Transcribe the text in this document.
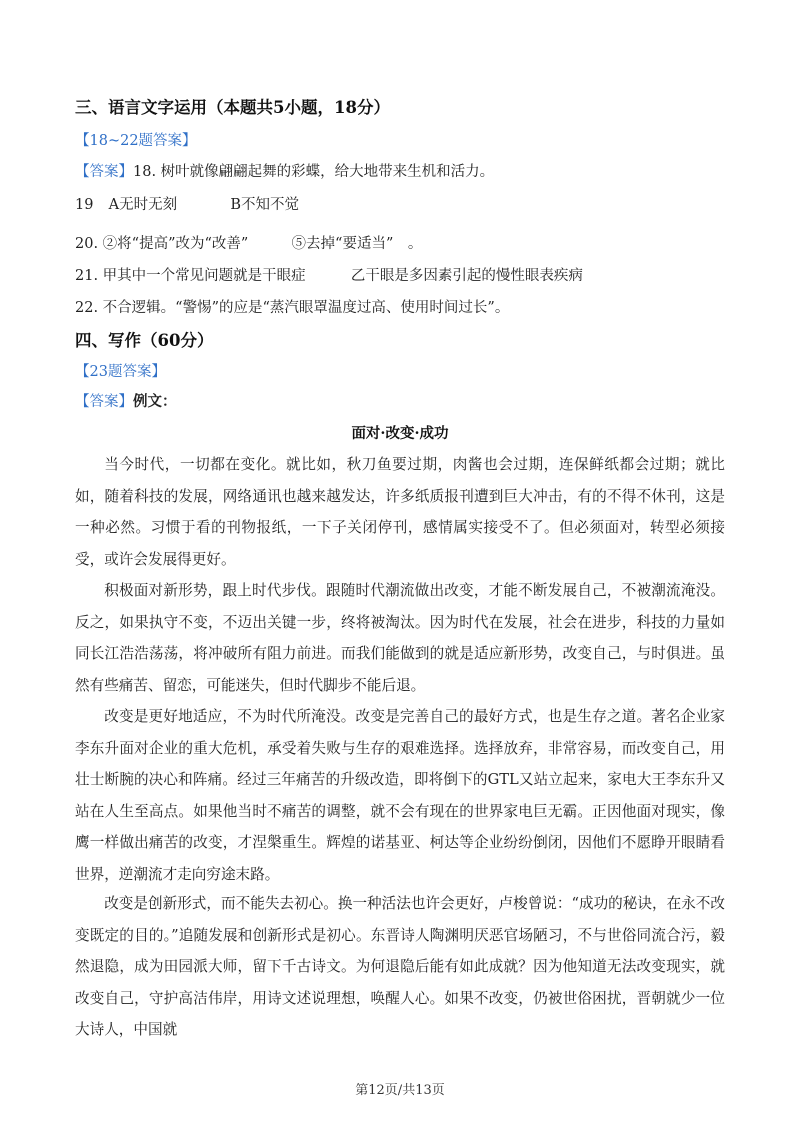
三、语言文字运用（本题共5小题，18分）
【18~22题答案】
【答案】18. 树叶就像翩翩起舞的彩蝶，给大地带来生机和活力。
19 A无时无刻	B不知不觉
20. ②将“提高”改为“改善”	⑤去掉“要适当”　。
21. 甲其中一个常见问题就是干眼症	乙干眼是多因素引起的慢性眼表疾病
22. 不合逻辑。“警惕”的应是“蒸汽眼罩温度过高、使用时间过长”。
四、写作（60分）
【23题答案】
【答案】例文：
面对·改变·成功
当今时代，一切都在变化。就比如，秋刀鱼要过期，肉酱也会过期，连保鲜纸都会过期；就比如，随着科技的发展，网络通讯也越来越发达，许多纸质报刊遭到巨大冲击，有的不得不休刊，这是一种必然。习惯于看的刊物报纸，一下子关闭停刊，感情属实接受不了。但必须面对，转型必须接受，或许会发展得更好。
积极面对新形势，跟上时代步伐。跟随时代潮流做出改变，才能不断发展自己，不被潮流淹没。反之，如果执守不变，不迈出关键一步，终将被淘汰。因为时代在发展，社会在进步，科技的力量如同长江浩浩荡荡，将冲破所有阻力前进。而我们能做到的就是适应新形势，改变自己，与时俱进。虽然有些痛苦、留恋，可能迷失，但时代脚步不能后退。
改变是更好地适应，不为时代所淹没。改变是完善自己的最好方式，也是生存之道。著名企业家李东升面对企业的重大危机，承受着失败与生存的艰难选择。选择放弃，非常容易，而改变自己，用壮士断腕的决心和阵痛。经过三年痛苦的升级改造，即将倒下的GTL又站立起来，家电大王李东升又站在人生至高点。如果他当时不痛苦的调整，就不会有现在的世界家电巨无霸。正因他面对现实，像鹰一样做出痛苦的改变，才涅槃重生。辉煌的诺基亚、柯达等企业纷纷倒闭，因他们不愿睁开眼睛看世界，逆潮流才走向穷途末路。
改变是创新形式，而不能失去初心。换一种活法也许会更好，卢梭曾说：“成功的秘诀，在永不改变既定的目的。”追随发展和创新形式是初心。东晋诗人陶渊明厌恶官场陋习，不与世俗同流合污，毅然退隐，成为田园派大师，留下千古诗文。为何退隐后能有如此成就？因为他知道无法改变现实，就改变自己，守护高洁伟岸，用诗文述说理想，唤醒人心。如果不改变，仍被世俗困扰，晋朝就少一位大诗人，中国就
第12页/共13页
